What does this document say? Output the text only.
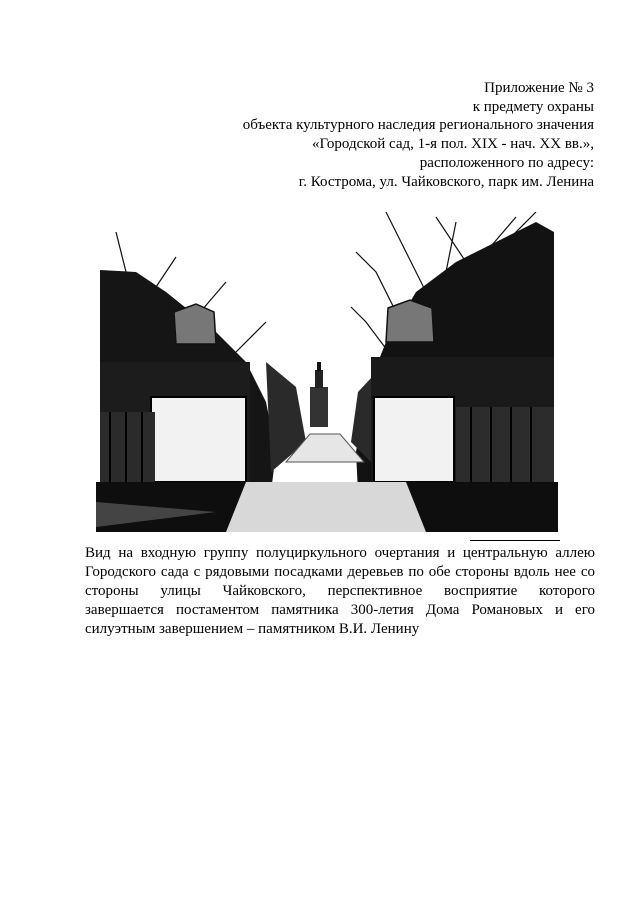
Приложение № 3
к предмету охраны
объекта культурного наследия регионального значения
«Городской сад, 1-я пол. XIX - нач. XX вв.»,
расположенного по адресу:
г. Кострома, ул. Чайковского, парк им. Ленина
Вид на входную группу полуциркульного очертания и центральную аллею
Городского сада с рядовыми посадками деревьев по обе стороны вдоль нее со
стороны улицы Чайковского, перспективное восприятие которого
завершается постаментом памятника 300-летия Дома Романовых и его
силуэтным завершением – памятником В.И. Ленину
